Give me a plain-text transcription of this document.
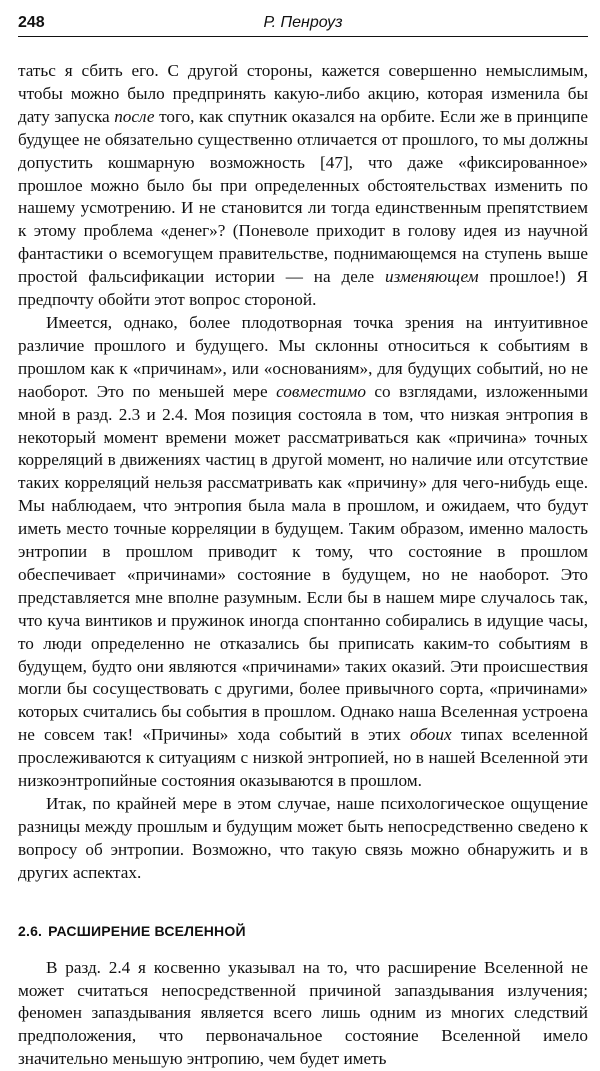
248	Р. Пенроуз

татьс я сбить его. С другой стороны, кажется совершенно немыслимым, чтобы можно было предпринять какую-либо акцию, которая изменила бы дату запуска после того, как спутник оказался на орбите. Если же в принципе будущее не обязательно существенно отличается от прошлого, то мы должны допустить кошмарную возможность [47], что даже «фиксированное» прошлое можно было бы при определенных обстоятельствах изменить по нашему усмотрению. И не становится ли тогда единственным препятствием к этому проблема «денег»? (Поневоле приходит в голову идея из научной фантастики о всемогущем правительстве, поднимающемся на ступень выше простой фальсификации истории — на деле изменяющем прошлое!) Я предпочту обойти этот вопрос стороной.

Имеется, однако, более плодотворная точка зрения на интуитивное различие прошлого и будущего. Мы склонны относиться к событиям в прошлом как к «причинам», или «основаниям», для будущих событий, но не наоборот. Это по меньшей мере совместимо со взглядами, изложенными мной в разд. 2.3 и 2.4. Моя позиция состояла в том, что низкая энтропия в некоторый момент времени может рассматриваться как «причина» точных корреляций в движениях частиц в другой момент, но наличие или отсутствие таких корреляций нельзя рассматривать как «причину» для чего-нибудь еще. Мы наблюдаем, что энтропия была мала в прошлом, и ожидаем, что будут иметь место точные корреляции в будущем. Таким образом, именно малость энтропии в прошлом приводит к тому, что состояние в прошлом обеспечивает «причинами» состояние в будущем, но не наоборот. Это представляется мне вполне разумным. Если бы в нашем мире случалось так, что куча винтиков и пружинок иногда спонтанно собирались в идущие часы, то люди определенно не отказались бы приписать каким-то событиям в будущем, будто они являются «причинами» таких оказий. Эти происшествия могли бы сосуществовать с другими, более привычного сорта, «причинами» которых считались бы события в прошлом. Однако наша Вселенная устроена не совсем так! «Причины» хода событий в этих обоих типах вселенной прослеживаются к ситуациям с низкой энтропией, но в нашей Вселенной эти низкоэнтропийные состояния оказываются в прошлом.

Итак, по крайней мере в этом случае, наше психологическое ощущение разницы между прошлым и будущим может быть непосредственно сведено к вопросу об энтропии. Возможно, что такую связь можно обнаружить и в других аспектах.

2.6. РАСШИРЕНИЕ ВСЕЛЕННОЙ

В разд. 2.4 я косвенно указывал на то, что расширение Вселенной не может считаться непосредственной причиной запаздывания излучения; феномен запаздывания является всего лишь одним из многих следствий предположения, что первоначальное состояние Вселенной имело значительно меньшую энтропию, чем будет иметь
